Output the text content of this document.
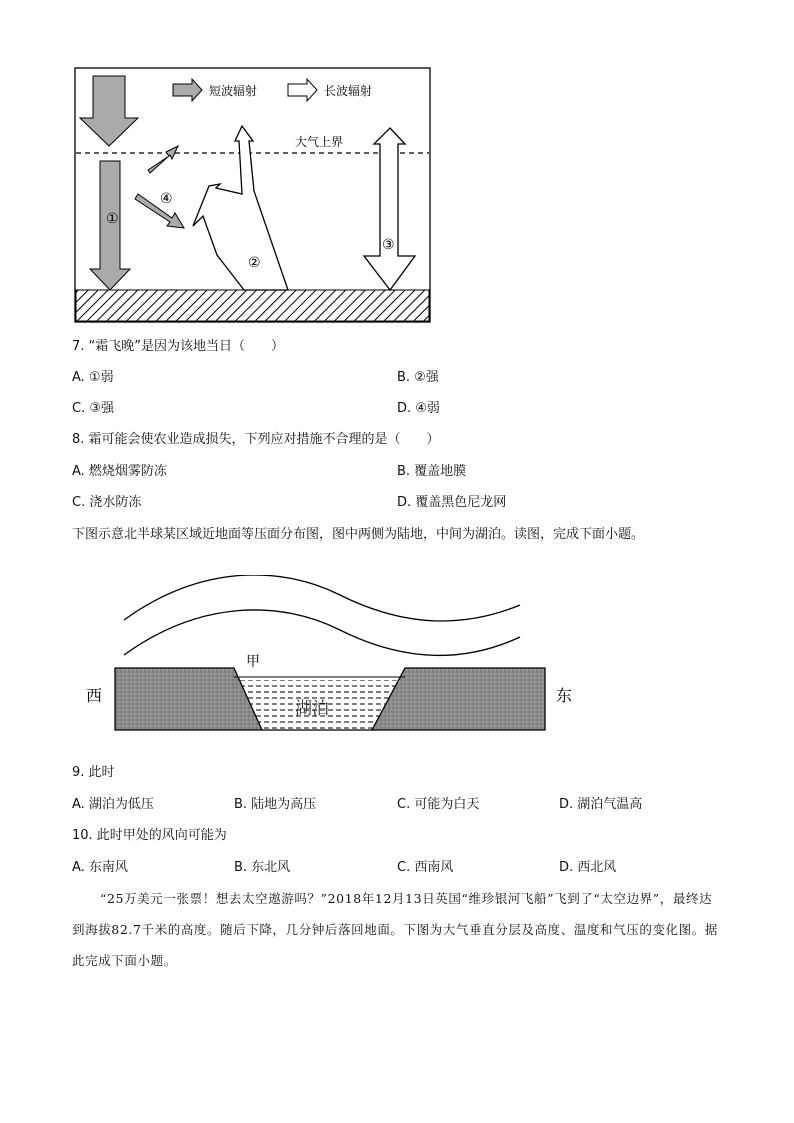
大气上界
短波辐射	长波辐射
①
④
②
③
7. “霜飞晚”是因为该地当日（　　）
A. ①弱	B. ②强
C. ③强	D. ④弱
8. 霜可能会使农业造成损失，下列应对措施不合理的是（　　）
A. 燃烧烟雾防冻	B. 覆盖地膜
C. 浇水防冻	D. 覆盖黑色尼龙网
下图示意北半球某区域近地面等压面分布图，图中两侧为陆地，中间为湖泊。读图，完成下面小题。
甲
湖泊
西	东
9. 此时
A. 湖泊为低压	B. 陆地为高压	C. 可能为白天	D. 湖泊气温高
10. 此时甲处的风向可能为
A. 东南风	B. 东北风	C. 西南风	D. 西北风
“25万美元一张票！想去太空遨游吗？”2018年12月13日英国“维珍银河飞船”飞到了“太空边界”，最终达到海拔82.7千米的高度。随后下降，几分钟后落回地面。下图为大气垂直分层及高度、温度和气压的变化图。据此完成下面小题。
